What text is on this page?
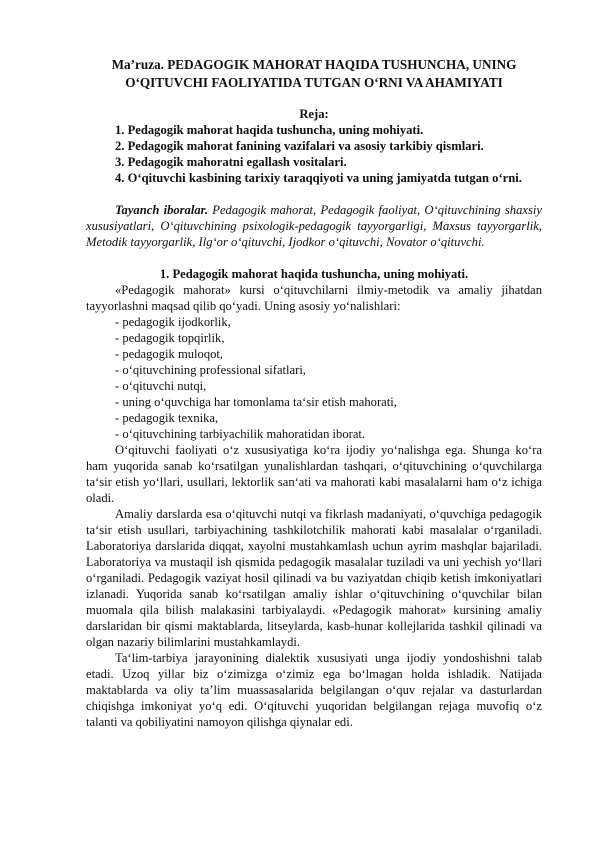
Ma’ruza. PEDAGOGIK MAHORAT HAQIDA TUSHUNCHA, UNING
O‘QITUVCHI FAOLIYATIDA TUTGAN O‘RNI VA AHAMIYATI
Reja:
1. Pedagogik mahorat haqida tushuncha, uning mohiyati.
2. Pedagogik mahorat fanining vazifalari va asosiy tarkibiy qismlari.
3. Pedagogik mahoratni egallash vositalari.
4. O‘qituvchi kasbining tarixiy taraqqiyoti va uning jamiyatda tutgan o‘rni.

Tayanch iboralar. Pedagogik mahorat, Pedagogik faoliyat, O‘qituvchining shaxsiy xususiyatlari, O‘qituvchining psixologik-pedagogik tayyorgarligi, Maxsus tayyorgarlik, Metodik tayyorgarlik, Ilg‘or o‘qituvchi, Ijodkor o‘qituvchi, Novator o‘qituvchi.

1. Pedagogik mahorat haqida tushuncha, uning mohiyati.

«Pedagogik mahorat» kursi o‘qituvchilarni ilmiy-metodik va amaliy jihatdan tayyorlashni maqsad qilib qo‘yadi. Uning asosiy yo‘nalishlari:

- pedagogik ijodkorlik,
- pedagogik topqirlik,
- pedagogik muloqot,
- o‘qituvchining professional sifatlari,
- o‘qituvchi nutqi,
- uning o‘quvchiga har tomonlama ta‘sir etish mahorati,
- pedagogik texnika,
- o‘qituvchining tarbiyachilik mahoratidan iborat.

O‘qituvchi faoliyati o‘z xususiyatiga ko‘ra ijodiy yo‘nalishga ega. Shunga ko‘ra ham yuqorida sanab ko‘rsatilgan yunalishlardan tashqari, o‘qituvchining o‘quvchilarga ta‘sir etish yo‘llari, usullari, lektorlik san‘ati va mahorati kabi masalalarni ham o‘z ichiga oladi.

Amaliy darslarda esa o‘qituvchi nutqi va fikrlash madaniyati, o‘quvchiga pedagogik ta‘sir etish usullari, tarbiyachining tashkilotchilik mahorati kabi masalalar o‘rganiladi. Laboratoriya darslarida diqqat, xayolni mustahkamlash uchun ayrim mashqlar bajariladi. Laboratoriya va mustaqil ish qismida pedagogik masalalar tuziladi va uni yechish yo‘llari o‘rganiladi. Pedagogik vaziyat hosil qilinadi va bu vaziyatdan chiqib ketish imkoniyatlari izlanadi. Yuqorida sanab ko‘rsatilgan amaliy ishlar o‘qituvchining o‘quvchilar bilan muomala qila bilish malakasini tarbiyalaydi. «Pedagogik mahorat» kursining amaliy darslaridan bir qismi maktablarda, litseylarda, kasb-hunar kollejlarida tashkil qilinadi va olgan nazariy bilimlarini mustahkamlaydi.

Ta‘lim-tarbiya jarayonining dialektik xususiyati unga ijodiy yondoshishni talab etadi. Uzoq yillar biz o‘zimizga o‘zimiz ega bo‘lmagan holda ishladik. Natijada maktablarda va oliy ta’lim muassasalarida belgilangan o‘quv rejalar va dasturlardan chiqishga imkoniyat yo‘q edi. O‘qituvchi yuqoridan belgilangan rejaga muvofiq o‘z talanti va qobiliyatini namoyon qilishga qiynalar edi.
